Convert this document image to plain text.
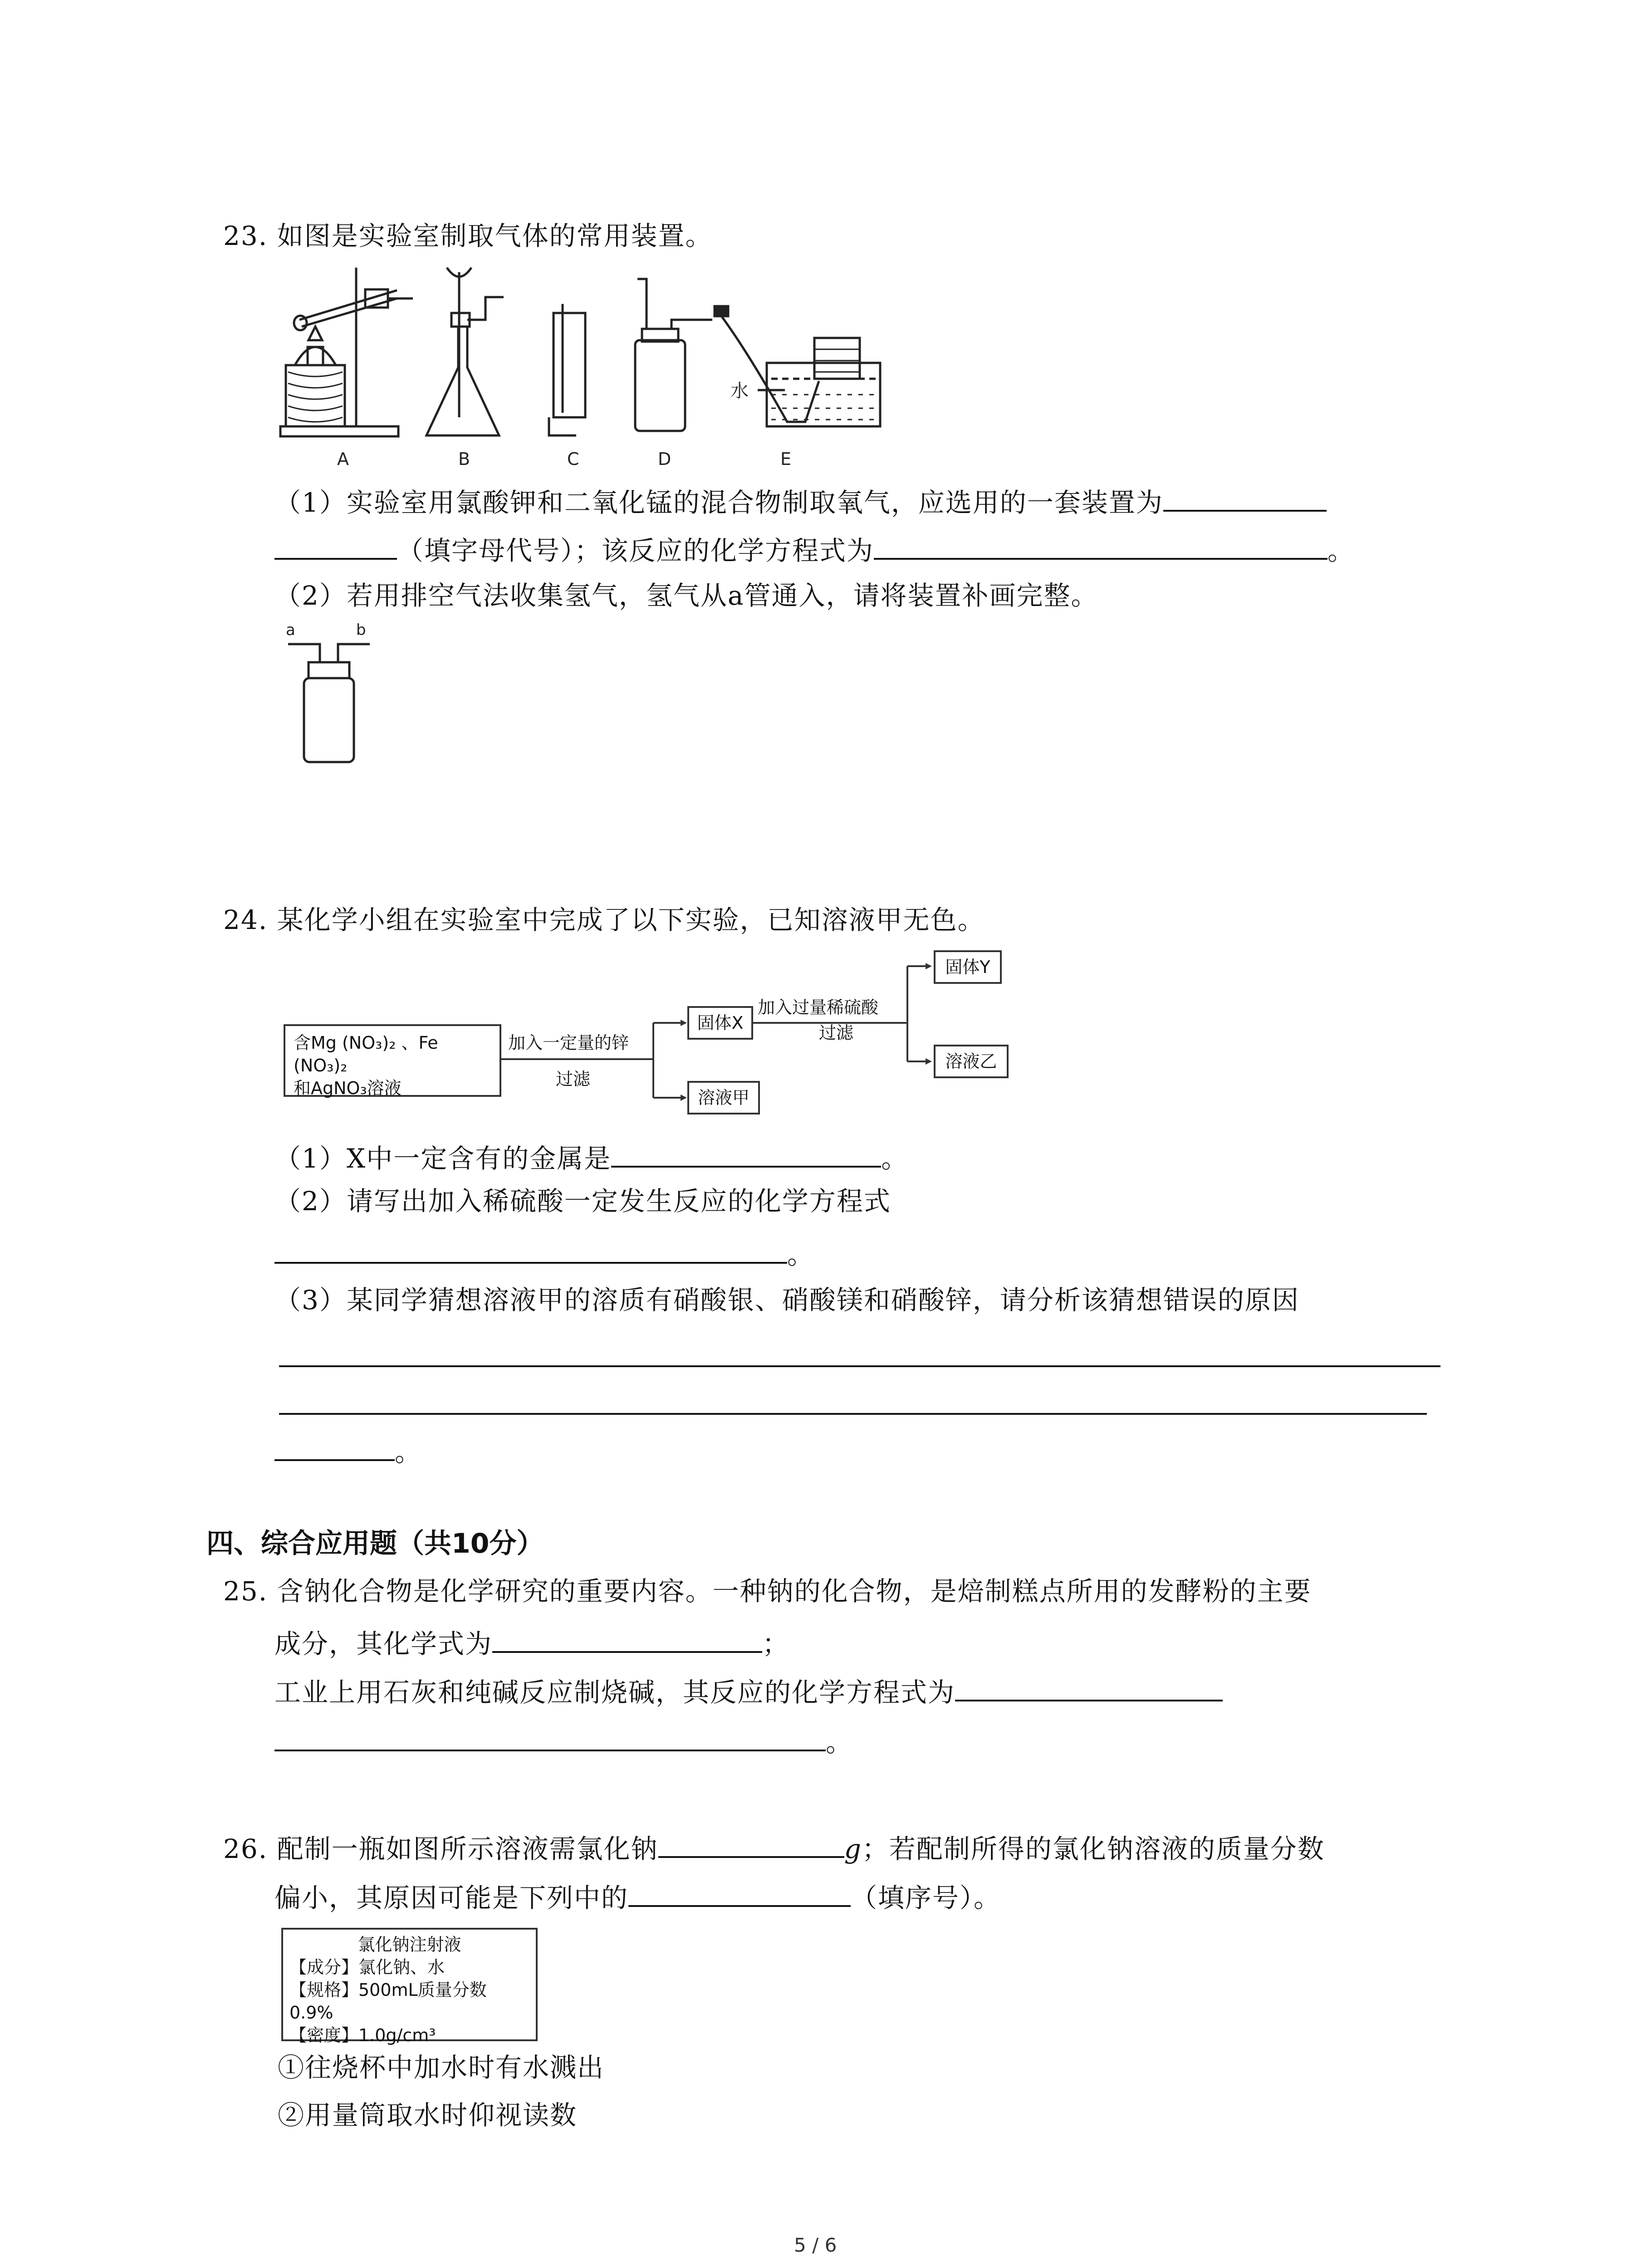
23. 如图是实验室制取气体的常用装置。
A	B	C	D	E
水
（1）实验室用氯酸钾和二氧化锰的混合物制取氧气，应选用的一套装置为
（填字母代号）；该反应的化学方程式为	。
（2）若用排空气法收集氢气，氢气从a管通入，请将装置补画完整。
a	b
24. 某化学小组在实验室中完成了以下实验，已知溶液甲无色。
含Mg (NO₃)₂ 、Fe (NO₃)₂
和AgNO₃溶液
加入一定量的锌
过滤
固体X
溶液甲
加入过量稀硫酸
过滤
固体Y
溶液乙
（1）X中一定含有的金属是	。
（2）请写出加入稀硫酸一定发生反应的化学方程式
。
（3）某同学猜想溶液甲的溶质有硝酸银、硝酸镁和硝酸锌，请分析该猜想错误的原因
。
四、综合应用题（共10分）
25. 含钠化合物是化学研究的重要内容。一种钠的化合物，是焙制糕点所用的发酵粉的主要
成分，其化学式为	；
工业上用石灰和纯碱反应制烧碱，其反应的化学方程式为
。
26. 配制一瓶如图所示溶液需氯化钠	g；若配制所得的氯化钠溶液的质量分数
偏小，其原因可能是下列中的	（填序号）。
氯化钠注射液
【成分】氯化钠、水
【规格】500mL质量分数0.9%
【密度】1.0g/cm³
①往烧杯中加水时有水溅出
②用量筒取水时仰视读数
5 / 6
